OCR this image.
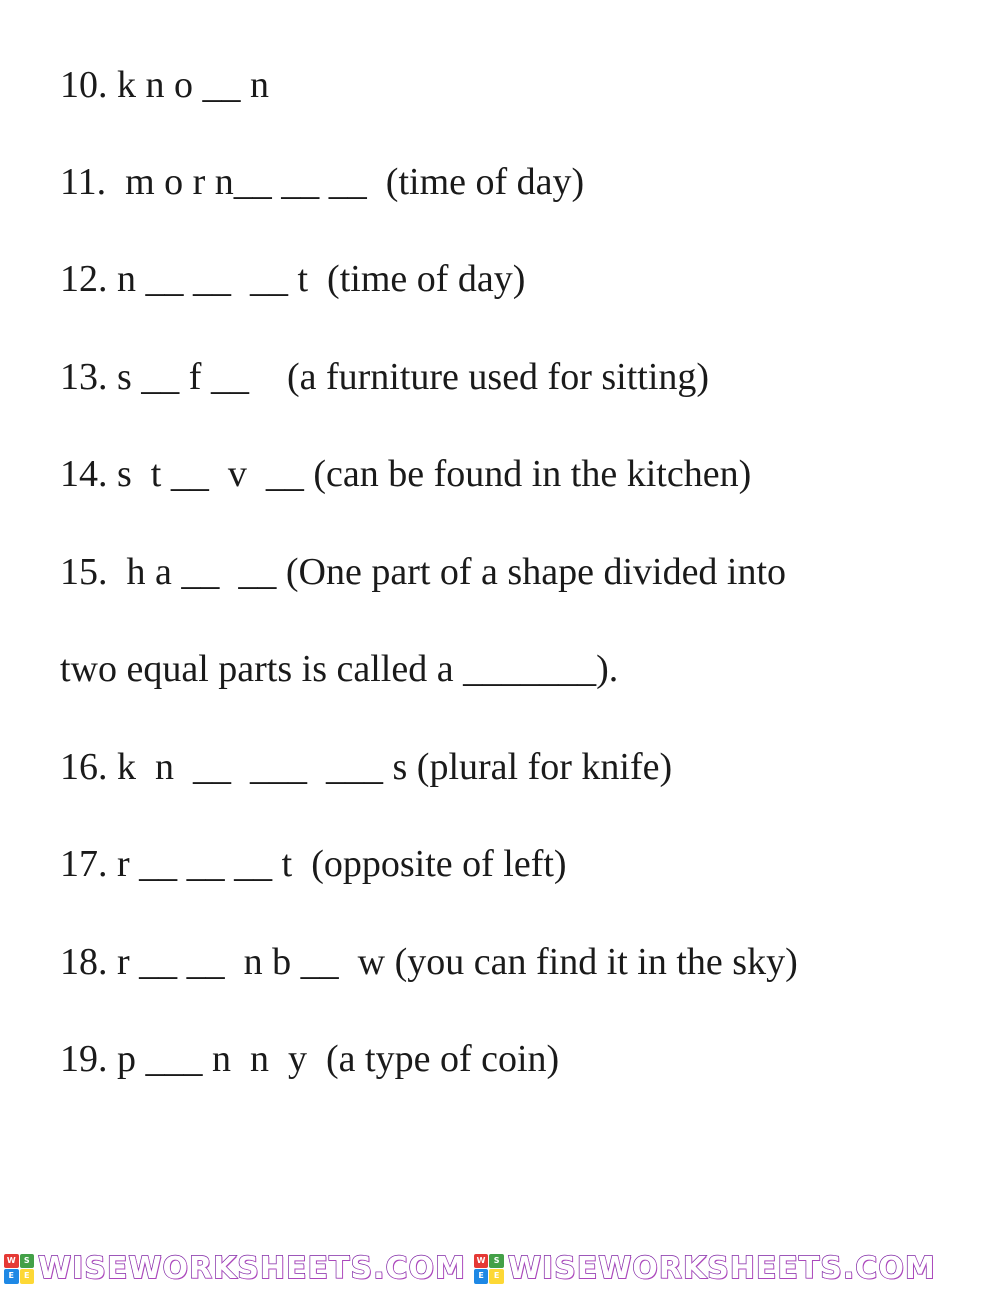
10. k n o __ n
11.  m o r n__ __ __  (time of day)
12. n __ __  __ t  (time of day)
13. s __ f __    (a furniture used for sitting)
14. s  t __  v  __ (can be found in the kitchen)
15.  h a __  __ (One part of a shape divided into
two equal parts is called a _______).
16. k  n  __  ___  ___ s (plural for knife)
17. r __ __ __ t  (opposite of left)
18. r __ __  n b __  w (you can find it in the sky)
19. p ___ n  n  y  (a type of coin)
W	S
E	E WISEWORKSHEETS.COM	W	S
E	E WISEWORKSHEETS.COM
